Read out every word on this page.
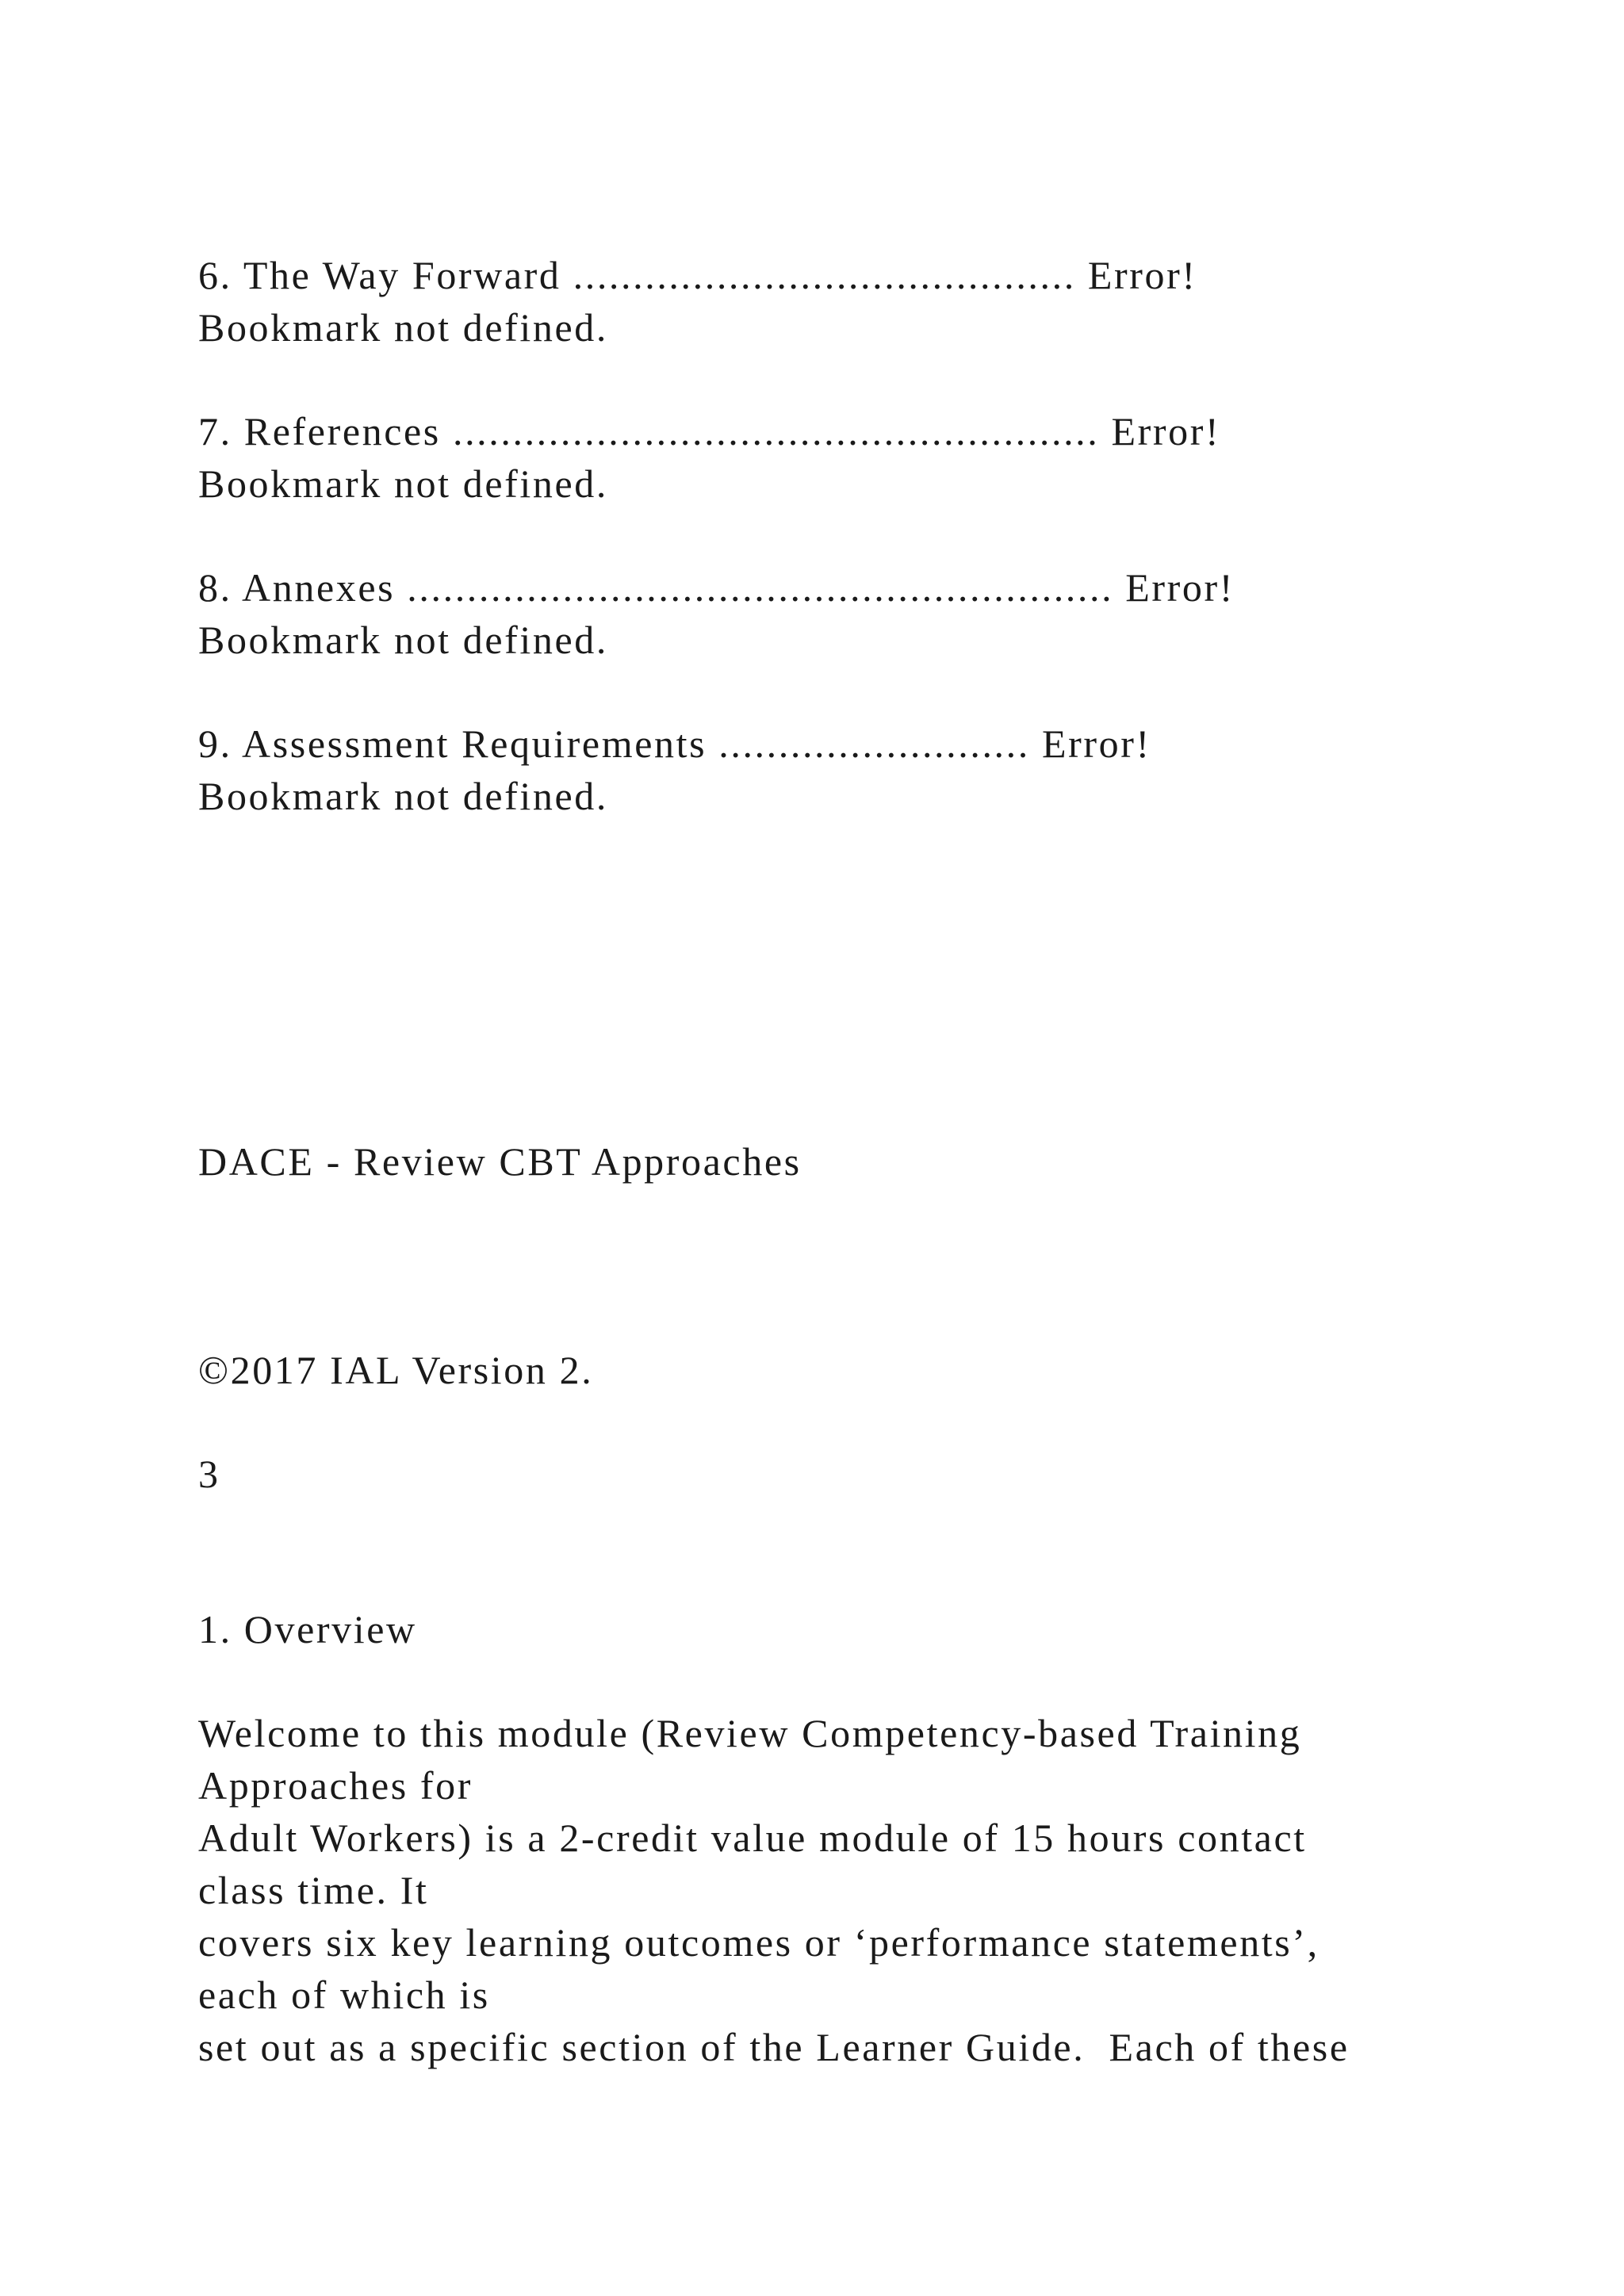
6. The Way Forward .......................................... Error!

Bookmark not defined.

7. References ...................................................... Error!

Bookmark not defined.

8. Annexes ........................................................... Error!

Bookmark not defined.

9. Assessment Requirements .......................... Error!

Bookmark not defined.

DACE - Review CBT Approaches

©2017 IAL Version 2.

3

1. Overview

Welcome to this module (Review Competency-based Training

Approaches for

Adult Workers) is a 2-credit value module of 15 hours contact

class time. It

covers six key learning outcomes or ‘performance statements’,

each of which is

set out as a specific section of the Learner Guide.  Each of these
